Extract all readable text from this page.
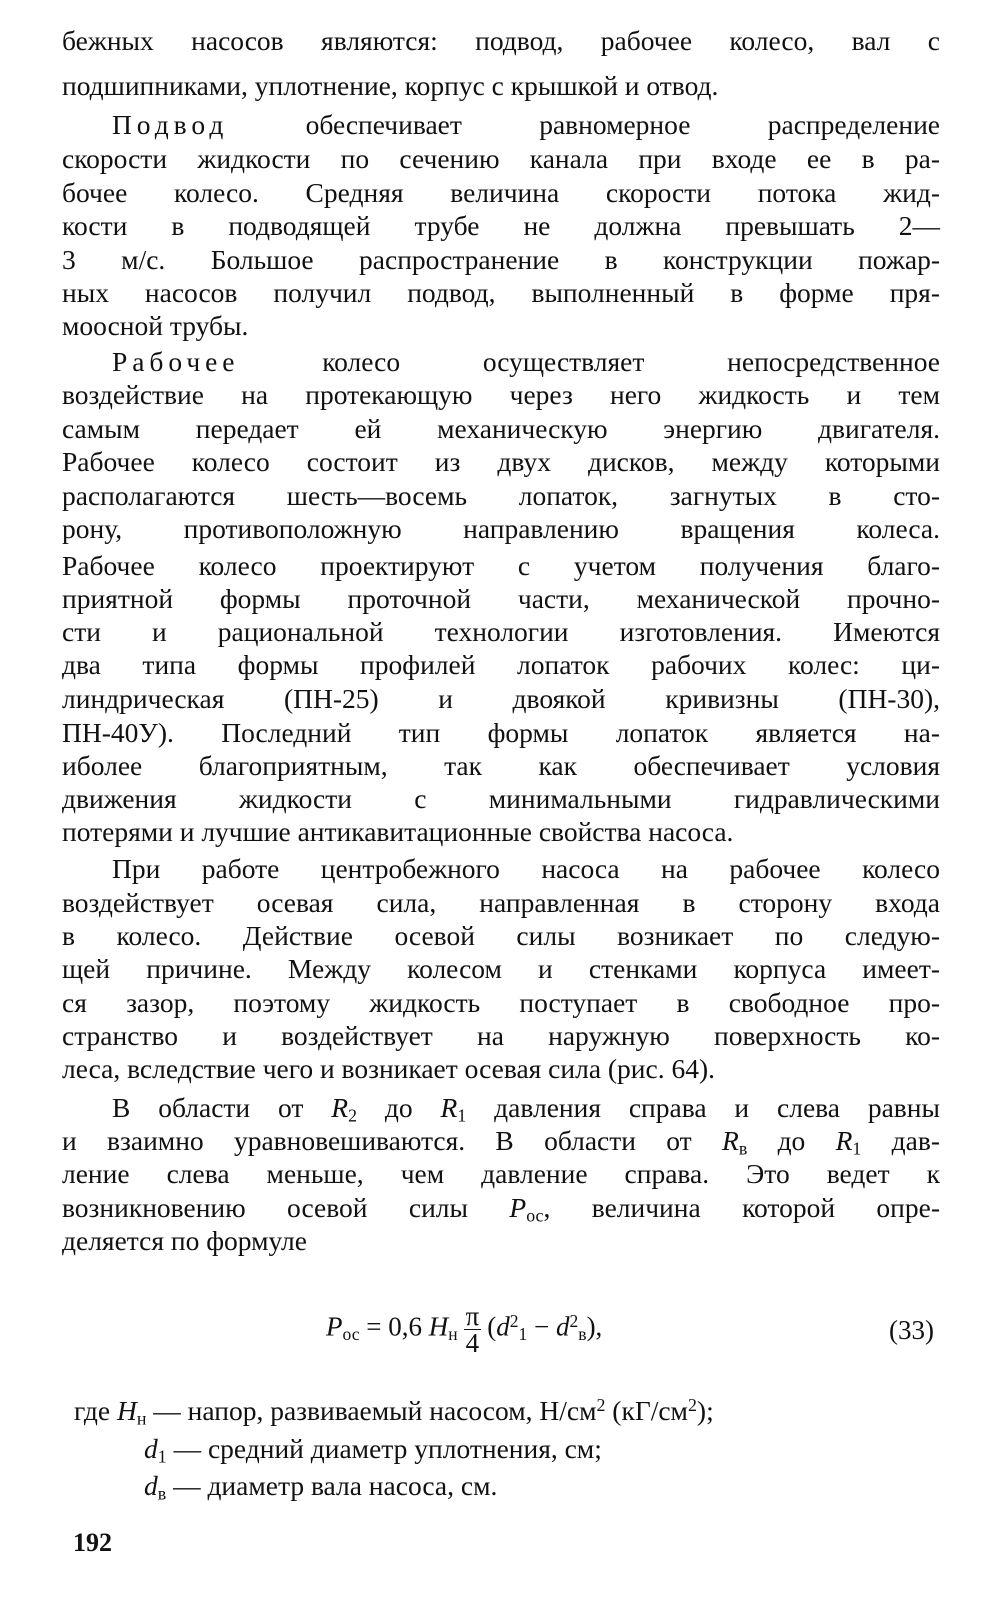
бежных насосов являются: подвод, рабочее колесо, вал с
подшипниками, уплотнение, корпус с крышкой и отвод.
Подвод обеспечивает равномерное распределение
скорости жидкости по сечению канала при входе ее в ра-
бочее колесо. Средняя величина скорости потока жид-
кости в подводящей трубе не должна превышать 2—
3 м/с. Большое распространение в конструкции пожар-
ных насосов получил подвод, выполненный в форме пря-
моосной трубы.
Рабочее колесо осуществляет непосредственное
воздействие на протекающую через него жидкость и тем
самым передает ей механическую энергию двигателя.
Рабочее колесо состоит из двух дисков, между которыми
располагаются шесть—восемь лопаток, загнутых в сто-
рону, противоположную направлению вращения колеса.
Рабочее колесо проектируют с учетом получения благо-
приятной формы проточной части, механической прочно-
сти и рациональной технологии изготовления. Имеются
два типа формы профилей лопаток рабочих колес: ци-
линдрическая (ПН-25) и двоякой кривизны (ПН-30),
ПН-40У). Последний тип формы лопаток является на-
иболее благоприятным, так как обеспечивает условия
движения жидкости с минимальными гидравлическими
потерями и лучшие антикавитационные свойства насоса.
При работе центробежного насоса на рабочее колесо
воздействует осевая сила, направленная в сторону входа
в колесо. Действие осевой силы возникает по следую-
щей причине. Между колесом и стенками корпуса имеет-
ся зазор, поэтому жидкость поступает в свободное про-
странство и воздействует на наружную поверхность ко-
леса, вследствие чего и возникает осевая сила (рис. 64).
В области от $R_2$ до $R_1$ давления справа и слева равны
и взаимно уравновешиваются. В области от $R_в$ до $R_1$ дав-
ление слева меньше, чем давление справа. Это ведет к
возникновению осевой силы $P_{ос}$, величина которой опре-
деляется по формуле
$P_{ос} = 0,6$ $H_н \frac{\pi}{4} (d^2_1 - d^2_в)$,	(33)
где $H_н$ — напор, развиваемый насосом, $Н/см^2$ $(кГ/см^2)$;
$d_1$ — средний диаметр уплотнения, см;
$d_в$ — диаметр вала насоса, см.
192
